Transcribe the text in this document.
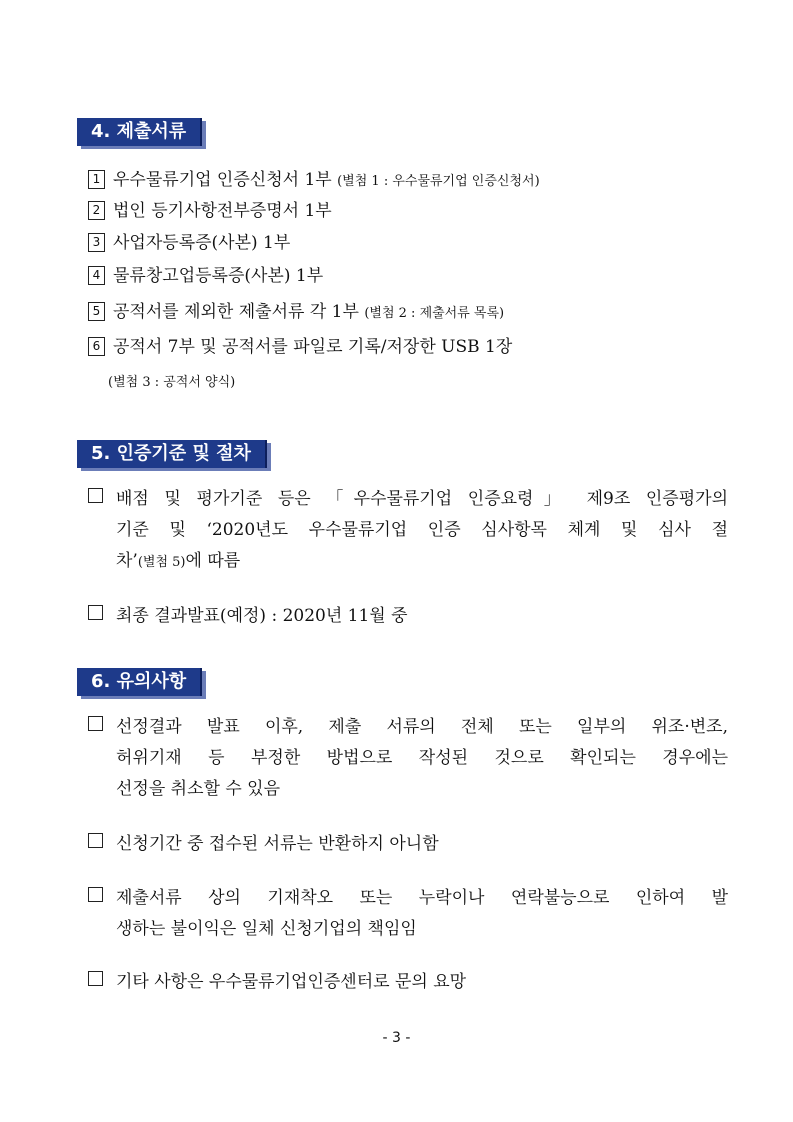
4. 제출서류
1 우수물류기업 인증신청서 1부 (별첨 1 : 우수물류기업 인증신청서)
2 법인 등기사항전부증명서 1부
3 사업자등록증(사본) 1부
4 물류창고업등록증(사본) 1부
5 공적서를 제외한 제출서류 각 1부 (별첨 2 : 제출서류 목록)
6 공적서 7부 및 공적서를 파일로 기록/저장한 USB 1장
(별첨 3 : 공적서 양식)
5. 인증기준 및 절차
배점 및 평가기준 등은 「우수물류기업 인증요령」 제9조 인증평가의
기준 및 ‘2020년도 우수물류기업 인증 심사항목 체계 및 심사 절
차’(별첨 5)에 따름
최종 결과발표(예정) : 2020년 11월 중
6. 유의사항
선정결과 발표 이후, 제출 서류의 전체 또는 일부의 위조·변조,
허위기재 등 부정한 방법으로 작성된 것으로 확인되는 경우에는
선정을 취소할 수 있음
신청기간 중 접수된 서류는 반환하지 아니함
제출서류 상의 기재착오 또는 누락이나 연락불능으로 인하여 발
생하는 불이익은 일체 신청기업의 책임임
기타 사항은 우수물류기업인증센터로 문의 요망
- 3 -
